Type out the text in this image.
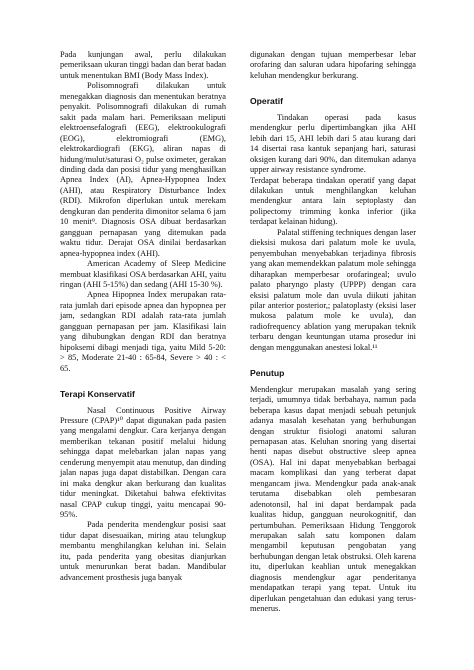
Pada kunjungan awal, perlu dilakukan pemeriksaan ukuran tinggi badan dan berat badan untuk menentukan BMI (Body Mass Index).

Polisomnografi dilakukan untuk menegakkan diagnosis dan menentukan beratnya penyakit. Polisomnografi dilakukan di rumah sakit pada malam hari. Pemeriksaan meliputi elektroensefalografi (EEG), elektrookulografi (EOG), elektromiografi (EMG), elektrokardiografi (EKG), aliran napas di hidung/mulut/saturasi O₂ pulse oximeter, gerakan dinding dada dan posisi tidur yang menghasilkan Apnea Index (AI), Apnea-Hypopnea Index (AHI), atau Respiratory Disturbance Index (RDI). Mikrofon diperlukan untuk merekam dengkuran dan penderita dimonitor selama 6 jam 10 menit⁹. Diagnosis OSA dibuat berdasarkan gangguan pernapasan yang ditemukan pada waktu tidur. Derajat OSA dinilai berdasarkan apnea-hypopnea index (AHI).

American Academy of Sleep Medicine membuat klasifikasi OSA berdasarkan AHI, yaitu ringan (AHI 5-15%) dan sedang (AHI 15-30 %).

Apnea Hipopnea Index merupakan rata-rata jumlah dari episode apnea dan hypopnea per jam, sedangkan RDI adalah rata-rata jumlah gangguan pernapasan per jam. Klasifikasi lain yang dihubungkan dengan RDI dan beratnya hipoksemi dibagi menjadi tiga, yaitu Mild 5-20: > 85, Moderate 21-40 : 65-84, Severe > 40 : < 65.

Terapi Konservatif

Nasal Continuous Positive Airway Pressure (CPAP)¹⁰ dapat digunakan pada pasien yang mengalami dengkur. Cara kerjanya dengan memberikan tekanan positif melalui hidung sehingga dapat melebarkan jalan napas yang cenderung menyempit atau menutup, dan dinding jalan napas juga dapat distabilkan. Dengan cara ini maka dengkur akan berkurang dan kualitas tidur meningkat. Diketahui bahwa efektivitas nasal CPAP cukup tinggi, yaitu mencapai 90-95%.

Pada penderita mendengkur posisi saat tidur dapat disesuaikan, miring atau telungkup membantu menghilangkan keluhan ini. Selain itu, pada penderita yang obesitas dianjurkan untuk menurunkan berat badan. Mandibular advancement prosthesis juga banyak

digunakan dengan tujuan memperbesar lebar orofaring dan saluran udara hipofaring sehingga keluhan mendengkur berkurang.

Operatif

Tindakan operasi pada kasus mendengkur perlu dipertimbangkan jika AHI lebih dari 15, AHI lebih dari 5 atau kurang dari 14 disertai rasa kantuk sepanjang hari, saturasi oksigen kurang dari 90%, dan ditemukan adanya upper airway resistance syndrome.

Terdapat beberapa tindakan operatif yang dapat dilakukan untuk menghilangkan keluhan mendengkur antara lain septoplasty dan polipectomy trimming konka inferior (jika terdapat kelainan hidung).

Palatal stiffening techniques dengan laser dieksisi mukosa dari palatum mole ke uvula, penyembuhan menyebabkan terjadinya fibrosis yang akan memendekkan palatum mole sehingga diharapkan memperbesar orofaringeal; uvulo palato pharyngo plasty (UPPP) dengan cara eksisi palatum mole dan uvula diikuti jahitan pilar anterior posterior,; palatoplasty (eksisi laser mukosa palatum mole ke uvula), dan radiofrequency ablation yang merupakan teknik terbaru dengan keuntungan utama prosedur ini dengan menggunakan anestesi lokal.¹¹

Penutup

Mendengkur merupakan masalah yang sering terjadi, umumnya tidak berbahaya, namun pada beberapa kasus dapat menjadi sebuah petunjuk adanya masalah kesehatan yang berhubungan dengan struktur fisiologi anatomi saluran pernapasan atas. Keluhan snoring yang disertai henti napas disebut obstructive sleep apnea (OSA). Hal ini dapat menyebabkan berbagai macam komplikasi dan yang terberat dapat mengancam jiwa. Mendengkur pada anak-anak terutama disebabkan oleh pembesaran adenotonsil, hal ini dapat berdampak pada kualitas hidup, gangguan neurokognitif, dan pertumbuhan. Pemeriksaan Hidung Tenggorok merupakan salah satu komponen dalam mengambil keputusan pengobatan yang berhubungan dengan letak obstruksi. Oleh karena itu, diperlukan keahlian untuk menegakkan diagnosis mendengkur agar penderitanya mendapatkan terapi yang tepat. Untuk itu diperlukan pengetahuan dan edukasi yang terus-menerus.
